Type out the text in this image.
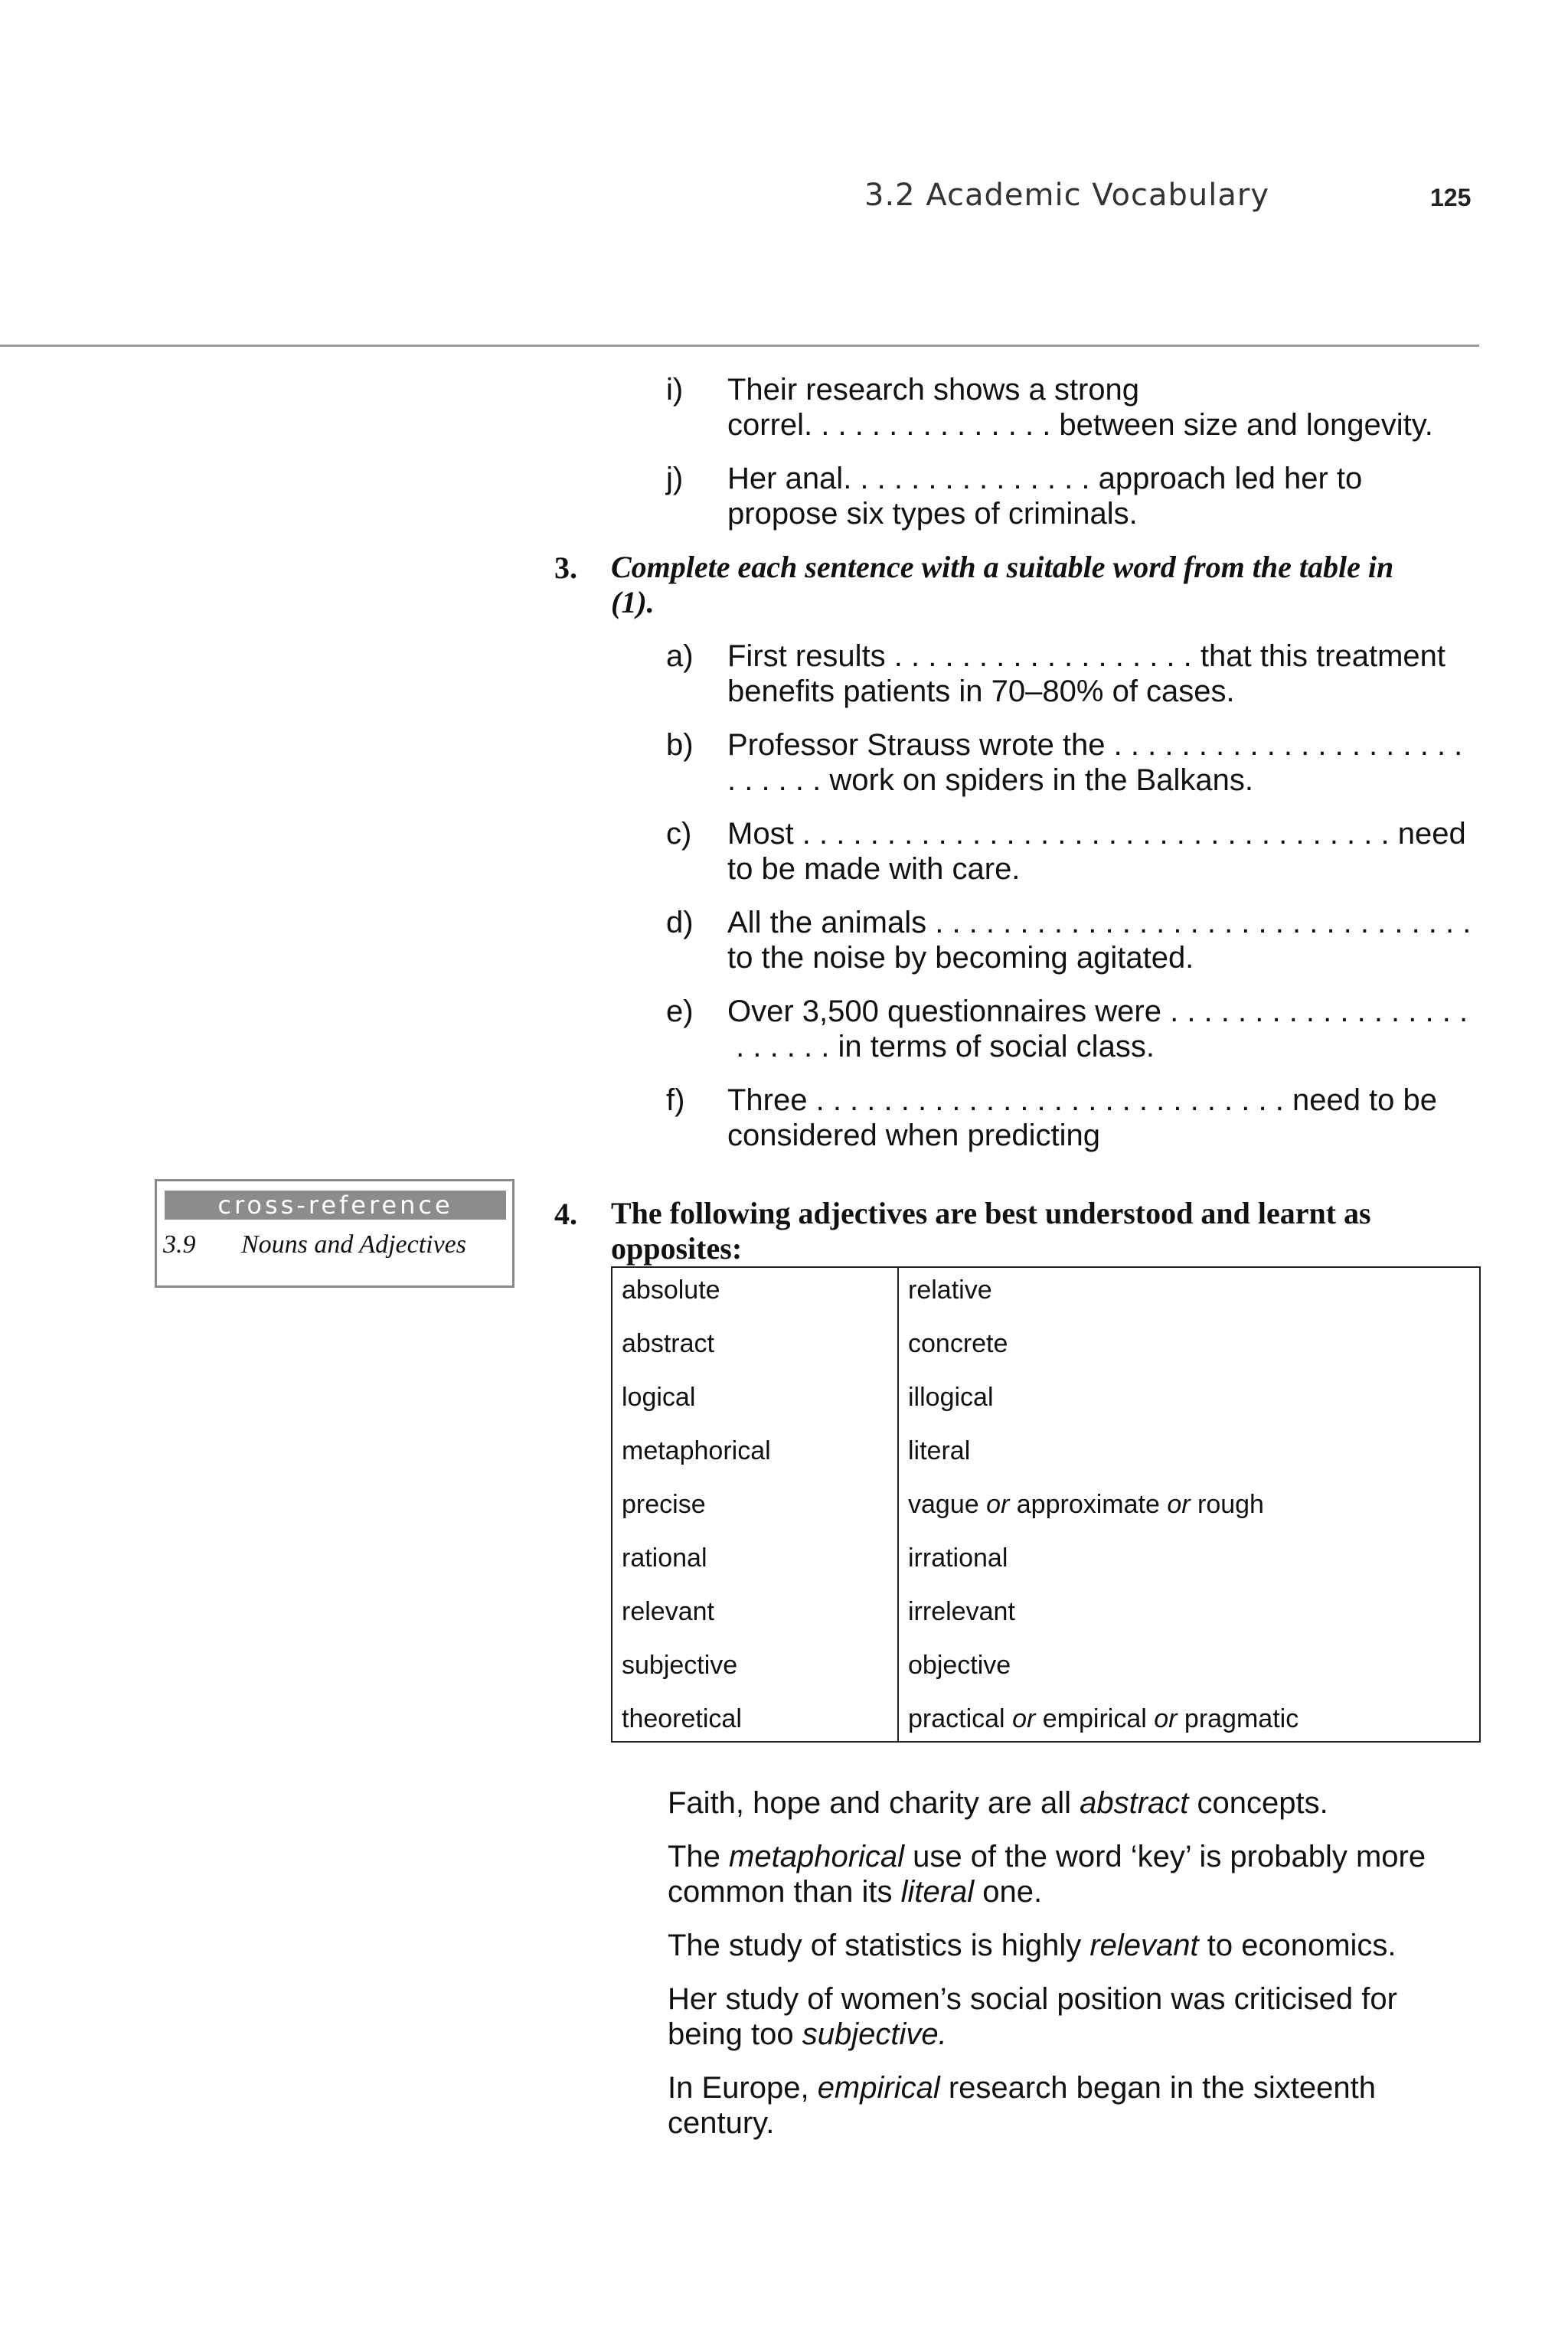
3.2 Academic Vocabulary	125
i) Their research shows a strong
correl. . . . . . . . . . . . . . . between size and longevity.
j) Her anal. . . . . . . . . . . . . . . approach led her to
propose six types of criminals.
3. Complete each sentence with a suitable word from the table in
(1).
a) First results . . . . . . . . . . . . . . . . . . that this treatment
benefits patients in 70–80% of cases.
b) Professor Strauss wrote the . . . . . . . . . . . . . . . . . . . . .
. . . . . . work on spiders in the Balkans.
c) Most . . . . . . . . . . . . . . . . . . . . . . . . . . . . . . . . . . . need
to be made with care.
d) All the animals . . . . . . . . . . . . . . . . . . . . . . . . . . . . . . . .
to the noise by becoming agitated.
e) Over 3,500 questionnaires were . . . . . . . . . . . . . . . . . .
. . . . . . in terms of social class.
f) Three . . . . . . . . . . . . . . . . . . . . . . . . . . . . need to be
considered when predicting
cross-reference
3.9 Nouns and Adjectives
4. The following adjectives are best understood and learnt as
opposites:
absolute	relative
abstract	concrete
logical	illogical
metaphorical	literal
precise	vague or approximate or rough
rational	irrational
relevant	irrelevant
subjective	objective
theoretical	practical or empirical or pragmatic
Faith, hope and charity are all abstract concepts.
The metaphorical use of the word ‘key’ is probably more
common than its literal one.
The study of statistics is highly relevant to economics.
Her study of women’s social position was criticised for
being too subjective.
In Europe, empirical research began in the sixteenth
century.
